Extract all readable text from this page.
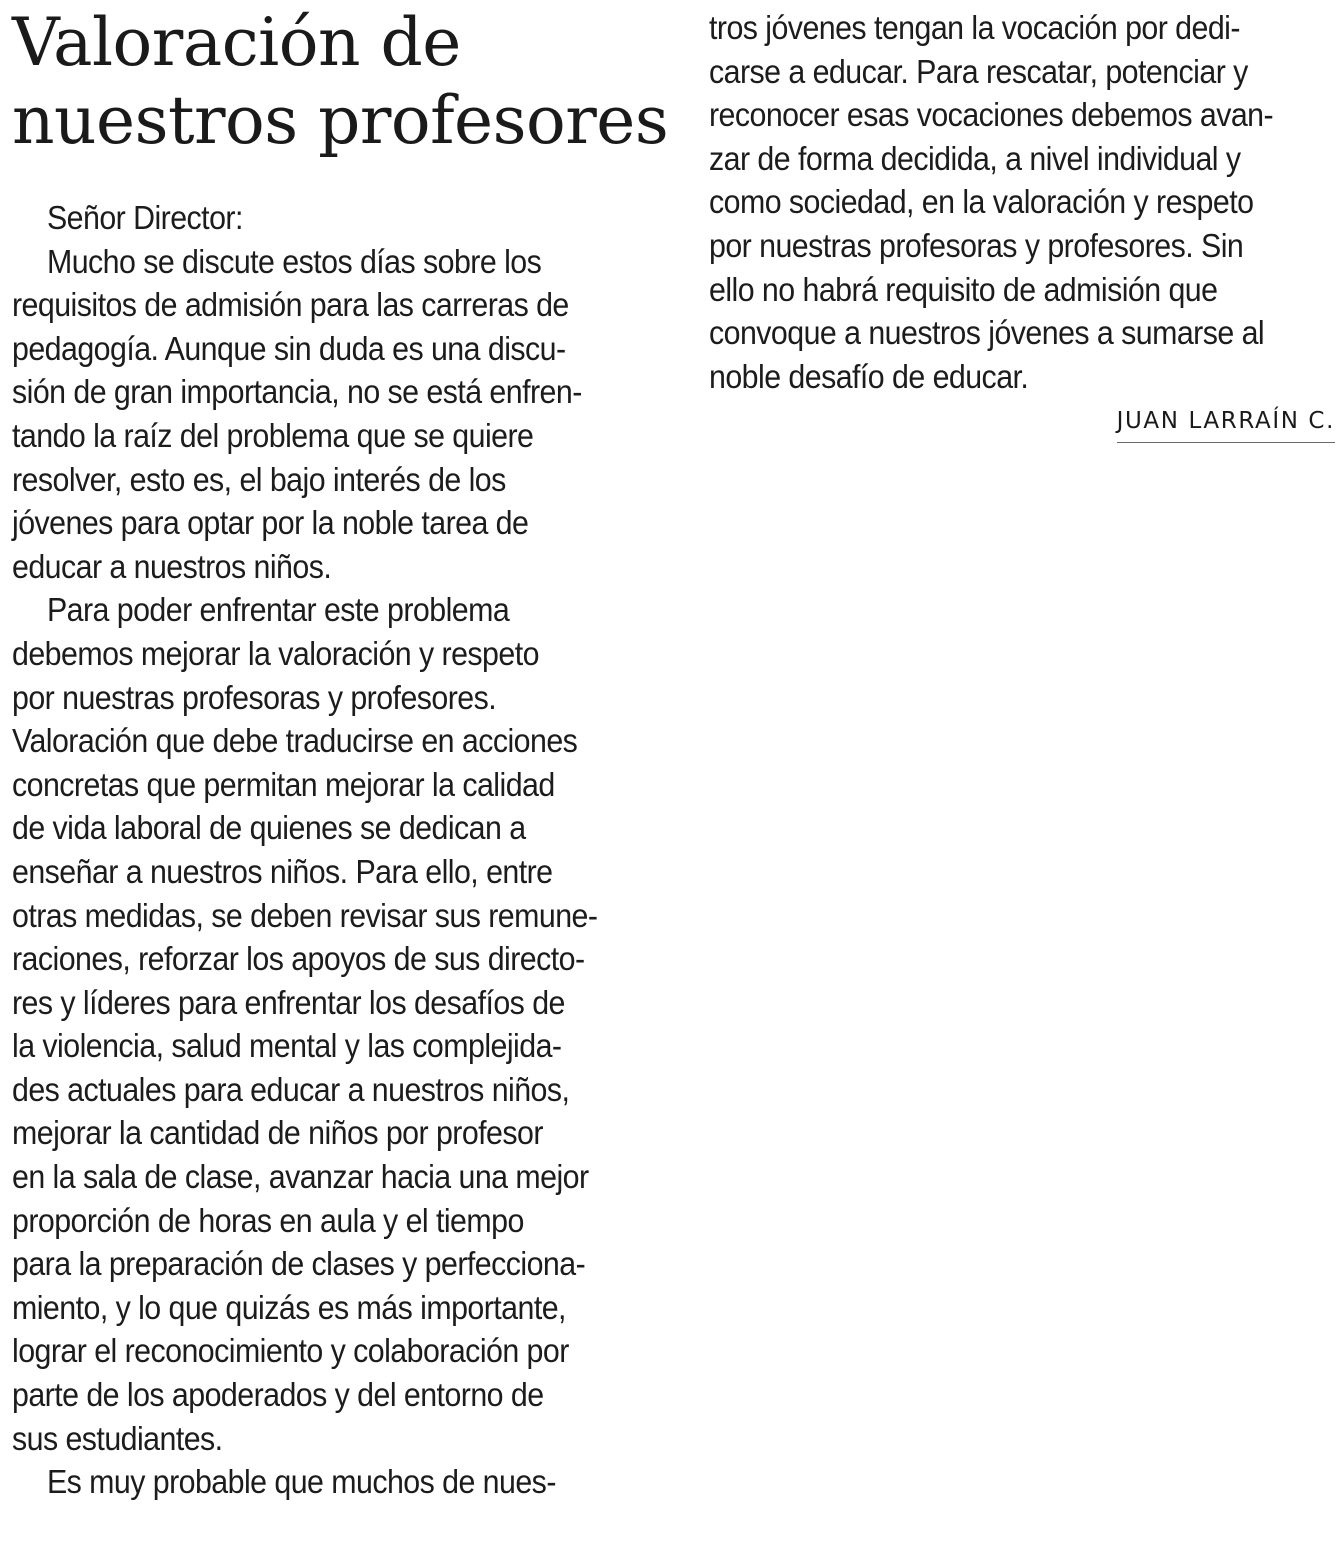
Valoración de
nuestros profesores
Señor Director:
Mucho se discute estos días sobre los
requisitos de admisión para las carreras de
pedagogía. Aunque sin duda es una discu-
sión de gran importancia, no se está enfren-
tando la raíz del problema que se quiere
resolver, esto es, el bajo interés de los
jóvenes para optar por la noble tarea de
educar a nuestros niños.
Para poder enfrentar este problema
debemos mejorar la valoración y respeto
por nuestras profesoras y profesores.
Valoración que debe traducirse en acciones
concretas que permitan mejorar la calidad
de vida laboral de quienes se dedican a
enseñar a nuestros niños. Para ello, entre
otras medidas, se deben revisar sus remune-
raciones, reforzar los apoyos de sus directo-
res y líderes para enfrentar los desafíos de
la violencia, salud mental y las complejida-
des actuales para educar a nuestros niños,
mejorar la cantidad de niños por profesor
en la sala de clase, avanzar hacia una mejor
proporción de horas en aula y el tiempo
para la preparación de clases y perfecciona-
miento, y lo que quizás es más importante,
lograr el reconocimiento y colaboración por
parte de los apoderados y del entorno de
sus estudiantes.
Es muy probable que muchos de nues-
tros jóvenes tengan la vocación por dedi-
carse a educar. Para rescatar, potenciar y
reconocer esas vocaciones debemos avan-
zar de forma decidida, a nivel individual y
como sociedad, en la valoración y respeto
por nuestras profesoras y profesores. Sin
ello no habrá requisito de admisión que
convoque a nuestros jóvenes a sumarse al
noble desafío de educar.
JUAN LARRAÍN C.
